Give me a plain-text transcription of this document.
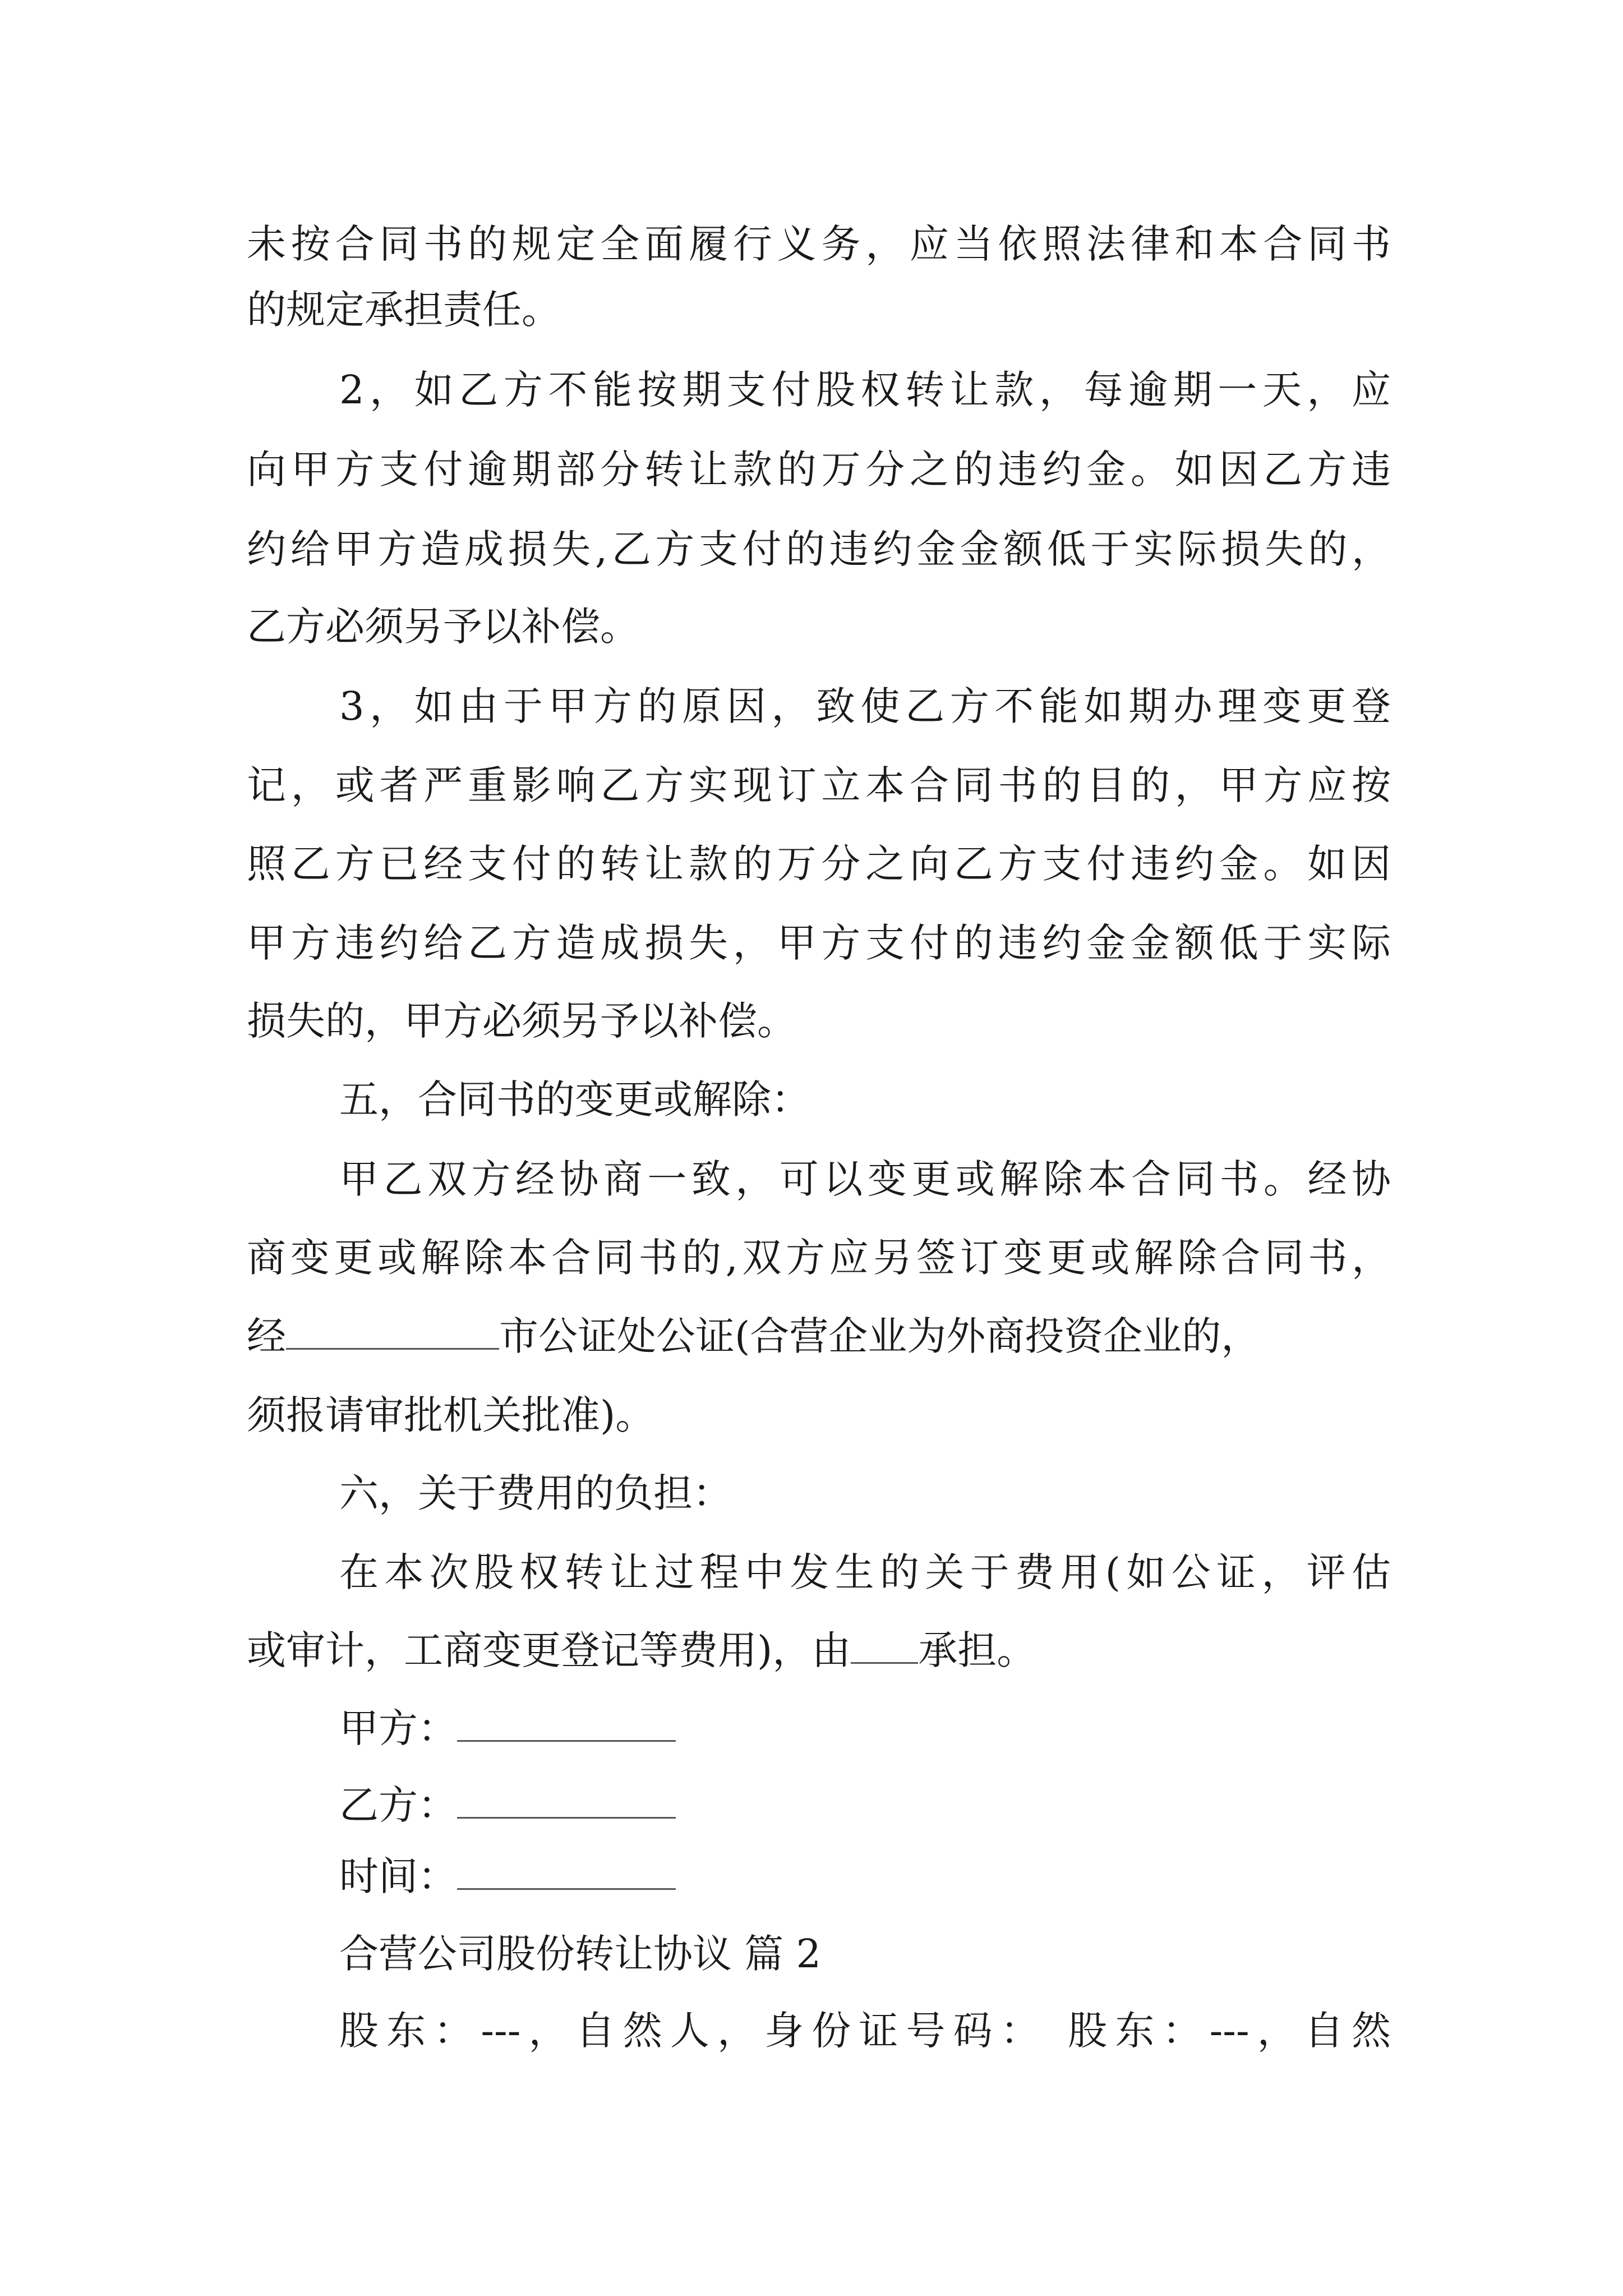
未按合同书的规定全面履行义务，应当依照法律和本合同书
的规定承担责任。
2，如乙方不能按期支付股权转让款，每逾期一天，应
向甲方支付逾期部分转让款的万分之的违约金。如因乙方违
约给甲方造成损失,乙方支付的违约金金额低于实际损失的，
乙方必须另予以补偿。
3，如由于甲方的原因，致使乙方不能如期办理变更登
记，或者严重影响乙方实现订立本合同书的目的，甲方应按
照乙方已经支付的转让款的万分之向乙方支付违约金。如因
甲方违约给乙方造成损失，甲方支付的违约金金额低于实际
损失的，甲方必须另予以补偿。
五，合同书的变更或解除：
甲乙双方经协商一致，可以变更或解除本合同书。经协
商变更或解除本合同书的,双方应另签订变更或解除合同书，
经	市公证处公证(合营企业为外商投资企业的，
须报请审批机关批准)。
六，关于费用的负担：
在本次股权转让过程中发生的关于费用(如公证，评估
或审计，工商变更登记等费用)，由 承担。
甲方：
乙方：
时间：
合营公司股份转让协议 篇 2
股东：---，自然人，身份证号码： 股东：---，自然
